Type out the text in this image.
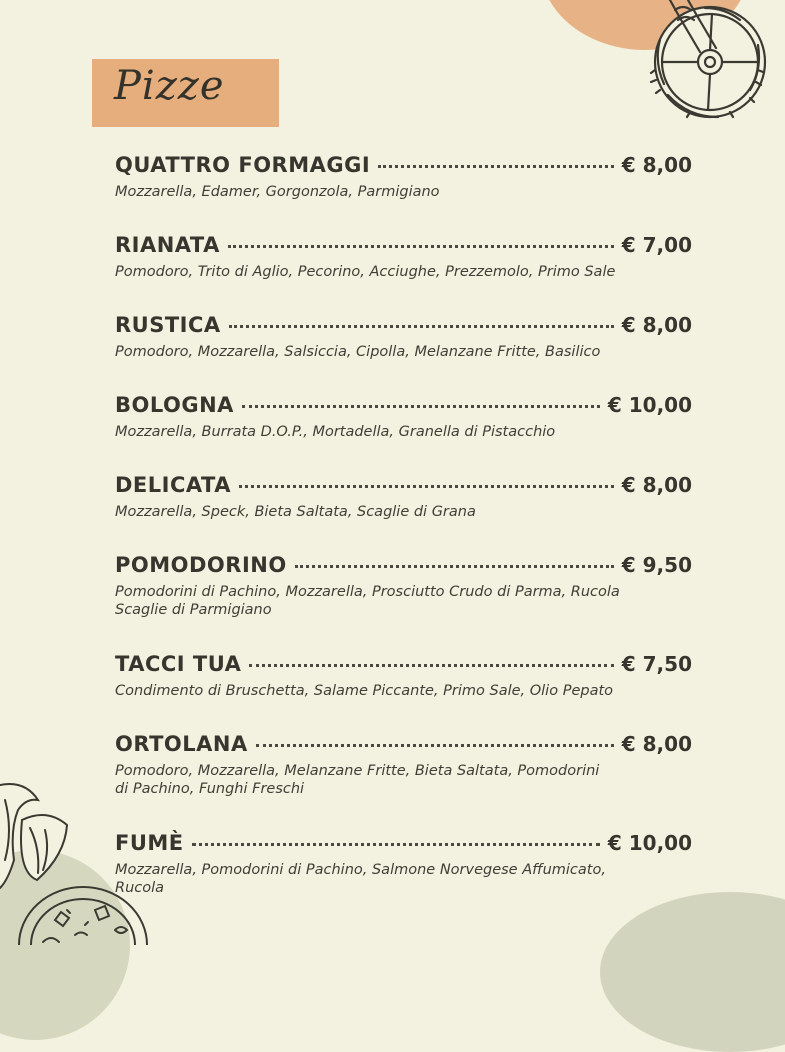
Pizze
QUATTRO FORMAGGI	€ 8,00
Mozzarella, Edamer, Gorgonzola, Parmigiano
RIANATA	€ 7,00
Pomodoro, Trito di Aglio, Pecorino, Acciughe, Prezzemolo, Primo Sale
RUSTICA	€ 8,00
Pomodoro, Mozzarella, Salsiccia, Cipolla, Melanzane Fritte, Basilico
BOLOGNA	€ 10,00
Mozzarella, Burrata D.O.P., Mortadella, Granella di Pistacchio
DELICATA	€ 8,00
Mozzarella, Speck, Bieta Saltata, Scaglie di Grana
POMODORINO	€ 9,50
Pomodorini di Pachino, Mozzarella, Prosciutto Crudo di Parma, Rucola
Scaglie di Parmigiano
TACCI TUA	€ 7,50
Condimento di Bruschetta, Salame Piccante, Primo Sale, Olio Pepato
ORTOLANA	€ 8,00
Pomodoro, Mozzarella, Melanzane Fritte, Bieta Saltata, Pomodorini
di Pachino, Funghi Freschi
FUMÈ	€ 10,00
Mozzarella, Pomodorini di Pachino, Salmone Norvegese Affumicato, Rucola
